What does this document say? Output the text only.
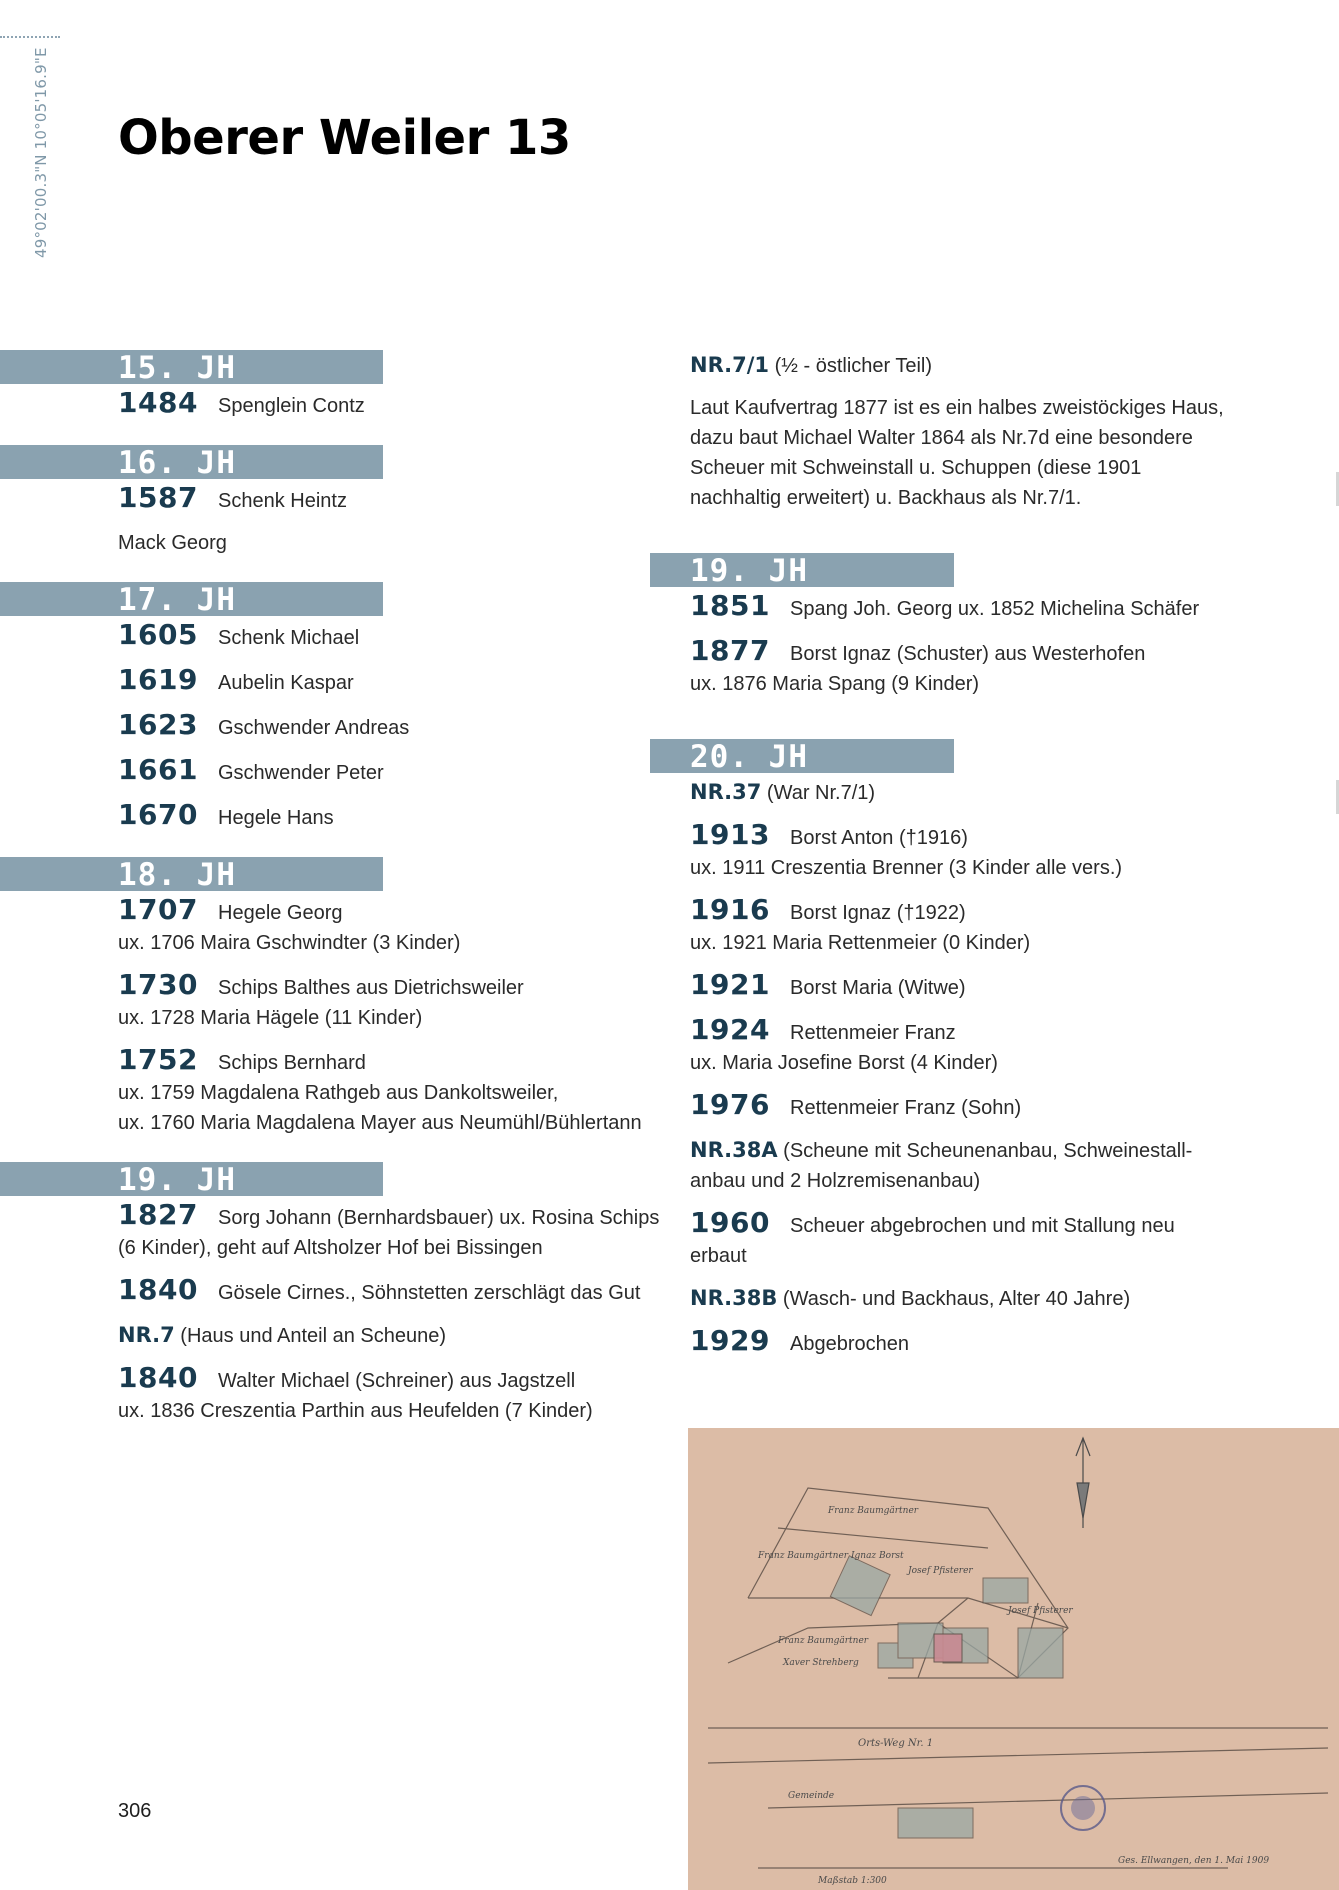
49°02'00.3"N 10°05'16.9"E Oberer Weiler 13
15. JH
1484 Spenglein Contz
16. JH
1587 Schenk Heintz
Mack Georg
17. JH
1605 Schenk Michael
1619 Aubelin Kaspar
1623 Gschwender Andreas
1661 Gschwender Peter
1670 Hegele Hans
18. JH
1707 Hegele Georg
ux. 1706 Maira Gschwindter (3 Kinder)
1730 Schips Balthes aus Dietrichsweiler
ux. 1728 Maria Hägele (11 Kinder)
1752 Schips Bernhard
ux. 1759 Magdalena Rathgeb aus Dankoltsweiler,
ux. 1760 Maria Magdalena Mayer aus Neumühl/Bühlertann
19. JH
1827 Sorg Johann (Bernhardsbauer) ux. Rosina Schips
(6 Kinder), geht auf Altsholzer Hof bei Bissingen
1840 Gösele Cirnes., Söhnstetten zerschlägt das Gut
NR.7 (Haus und Anteil an Scheune)
1840 Walter Michael (Schreiner) aus Jagstzell
ux. 1836 Creszentia Parthin aus Heufelden (7 Kinder)
NR.7/1 (½ - östlicher Teil)
Laut Kaufvertrag 1877 ist es ein halbes zweistöckiges Haus,
dazu baut Michael Walter 1864 als Nr.7d eine besondere
Scheuer mit Schweinstall u. Schuppen (diese 1901
nachhaltig erweitert) u. Backhaus als Nr.7/1.
19. JH
1851 Spang Joh. Georg ux. 1852 Michelina Schäfer
1877 Borst Ignaz (Schuster) aus Westerhofen
ux. 1876 Maria Spang (9 Kinder)
20. JH
NR.37 (War Nr.7/1)
1913 Borst Anton (†1916)
ux. 1911 Creszentia Brenner (3 Kinder alle vers.)
1916 Borst Ignaz (†1922)
ux. 1921 Maria Rettenmeier (0 Kinder)
1921 Borst Maria (Witwe)
1924 Rettenmeier Franz
ux. Maria Josefine Borst (4 Kinder)
1976 Rettenmeier Franz (Sohn)
NR.38A (Scheune mit Scheunenanbau, Schweinestall-
anbau und 2 Holzremisenanbau)
1960 Scheuer abgebrochen und mit Stallung neu erbaut
NR.38B (Wasch- und Backhaus, Alter 40 Jahre)
1929 Abgebrochen
Franz Baumgärtner
Franz Baumgärtner Ignaz Borst
Josef Pfisterer
Franz Baumgärtner
Xaver Strehberg
Josef Pfisterer
Gemeinde
Maßstab 1:300
Ges. Ellwangen, den 1. Mai 1909
Orts-Weg Nr. 1
306
